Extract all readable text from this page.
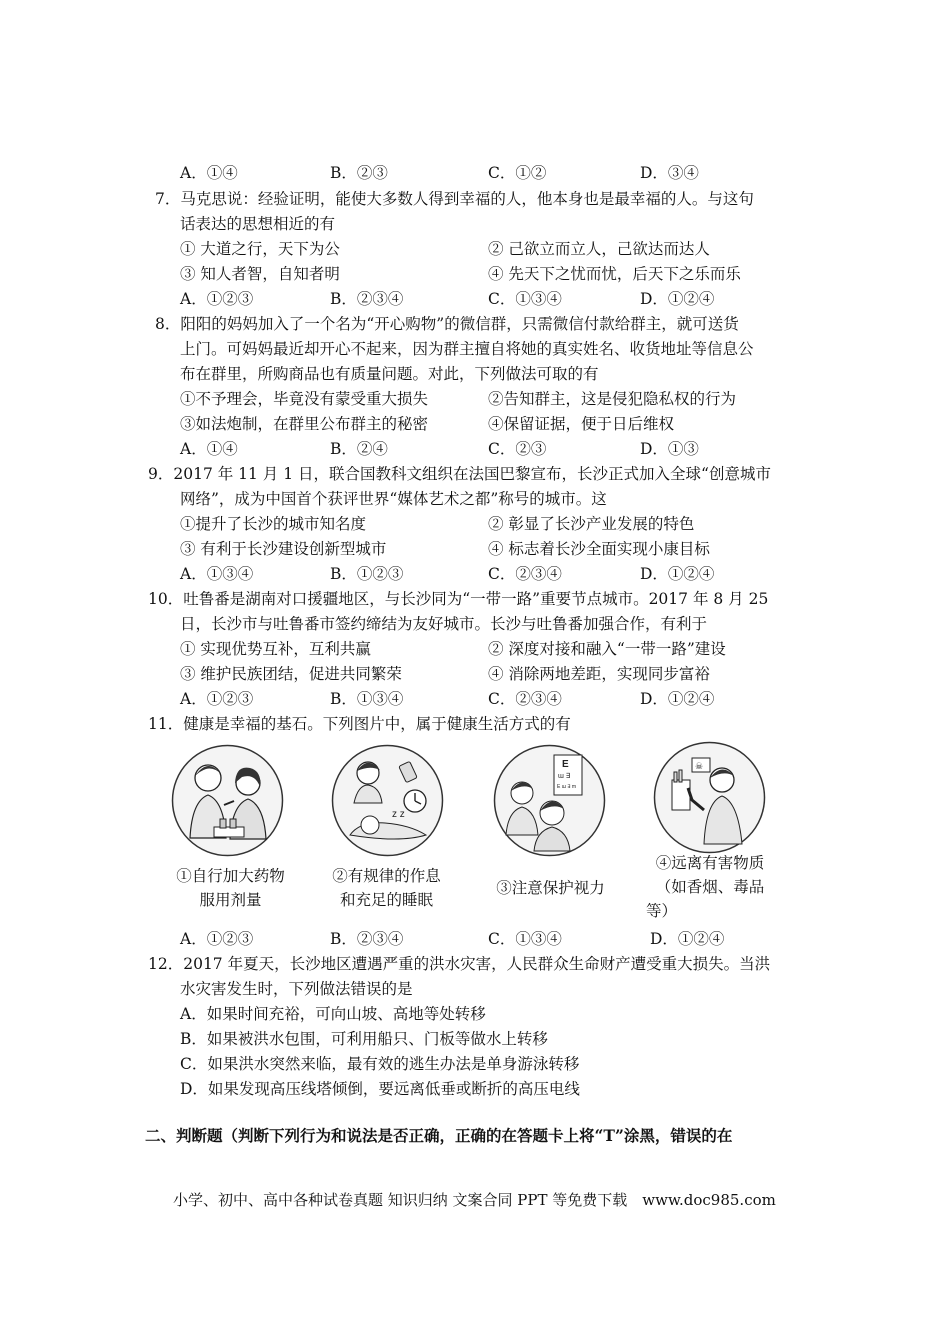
A．①④	B．②③	C．①②	D．③④
7．马克思说：经验证明，能使大多数人得到幸福的人，他本身也是最幸福的人。与这句
话表达的思想相近的有
① 大道之行，天下为公	② 己欲立而立人，己欲达而达人
③ 知人者智，自知者明	④ 先天下之忧而忧，后天下之乐而乐
A．①②③	B．②③④	C．①③④	D．①②④
8．阳阳的妈妈加入了一个名为“开心购物”的微信群，只需微信付款给群主，就可送货
上门。可妈妈最近却开心不起来，因为群主擅自将她的真实姓名、收货地址等信息公
布在群里，所购商品也有质量问题。对此，下列做法可取的有
①不予理会，毕竟没有蒙受重大损失	②告知群主，这是侵犯隐私权的行为
③如法炮制，在群里公布群主的秘密	④保留证据，便于日后维权
A．①④	B．②④	C．②③	D．①③
9．2017 年 11 月 1 日，联合国教科文组织在法国巴黎宣布，长沙正式加入全球“创意城市
网络”，成为中国首个获评世界“媒体艺术之都”称号的城市。这
①提升了长沙的城市知名度	② 彰显了长沙产业发展的特色
③ 有利于长沙建设创新型城市	④ 标志着长沙全面实现小康目标
A．①③④	B．①②③	C．②③④	D．①②④
10．吐鲁番是湖南对口援疆地区，与长沙同为“一带一路”重要节点城市。2017 年 8 月 25
日，长沙市与吐鲁番市签约缔结为友好城市。长沙与吐鲁番加强合作，有利于
① 实现优势互补，互利共赢	② 深度对接和融入“一带一路”建设
③ 维护民族团结，促进共同繁荣	④ 消除两地差距，实现同步富裕
A．①②③	B．①③④	C．②③④	D．①②④
11．健康是幸福的基石。下列图片中，属于健康生活方式的有
z z
E
ɯ ∃
E ɯ ∃ m
☠
①自行加大药物
服用剂量
②有规律的作息
和充足的睡眠
③注意保护视力
④远离有害物质
（如香烟、毒品
等）
A．①②③	B．②③④	C．①③④	D．①②④
12．2017 年夏天，长沙地区遭遇严重的洪水灾害，人民群众生命财产遭受重大损失。当洪
水灾害发生时，下列做法错误的是
A．如果时间充裕，可向山坡、高地等处转移
B．如果被洪水包围，可利用船只、门板等做水上转移
C．如果洪水突然来临，最有效的逃生办法是单身游泳转移
D．如果发现高压线塔倾倒，要远离低垂或断折的高压电线
二、判断题（判断下列行为和说法是否正确，正确的在答题卡上将“T”涂黑，错误的在
小学、初中、高中各种试卷真题 知识归纳 文案合同 PPT 等免费下载　www.doc985.com
